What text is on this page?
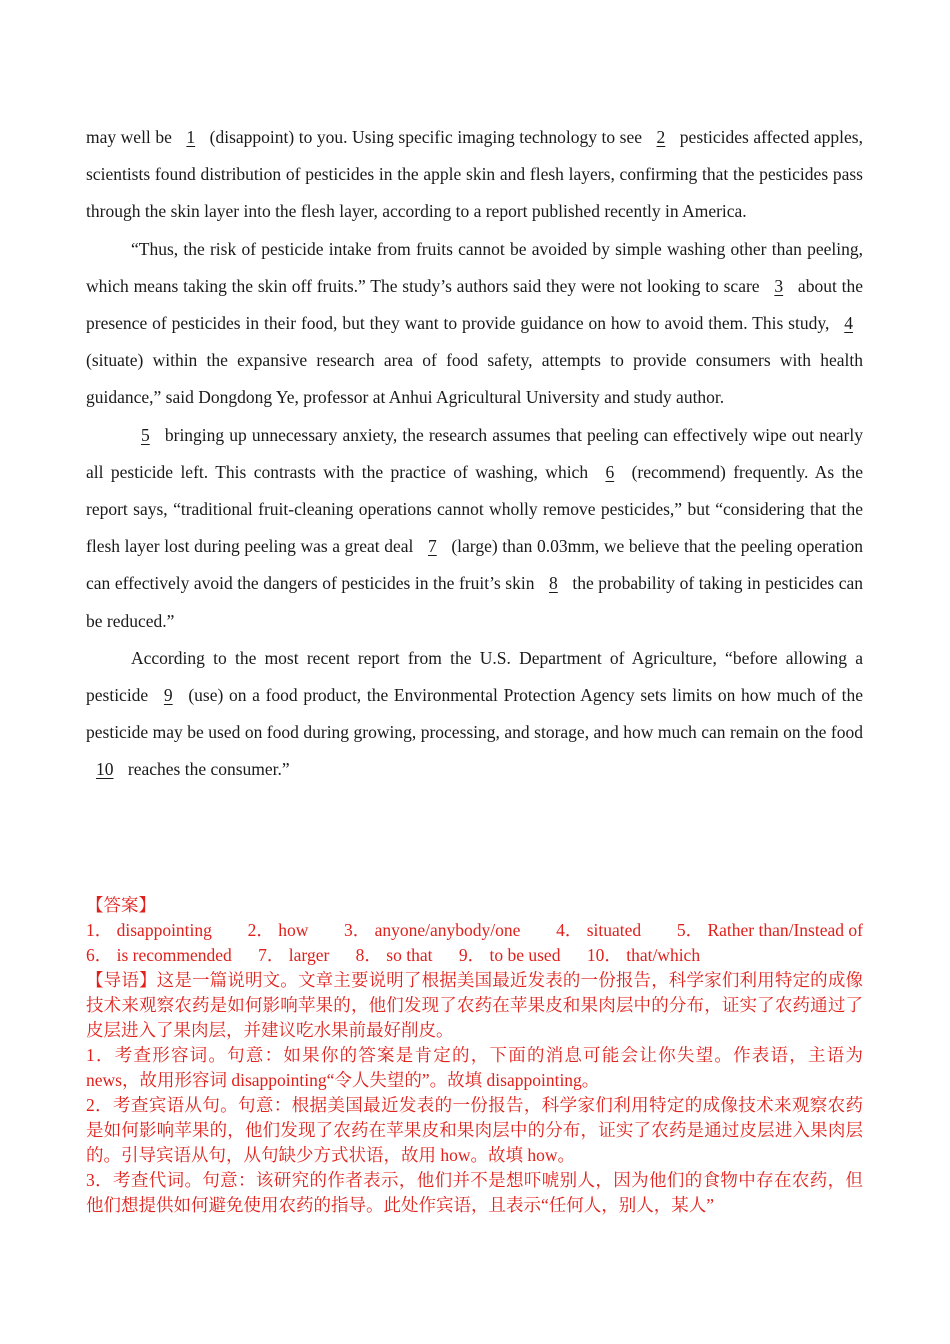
may well be 1 (disappoint) to you. Using specific imaging technology to see 2 pesticides affected apples, scientists found distribution of pesticides in the apple skin and flesh layers, confirming that the pesticides pass through the skin layer into the flesh layer, according to a report published recently in America.

“Thus, the risk of pesticide intake from fruits cannot be avoided by simple washing other than peeling, which means taking the skin off fruits.” The study’s authors said they were not looking to scare 3 about the presence of pesticides in their food, but they want to provide guidance on how to avoid them. This study, 4 (situate) within the expansive research area of food safety, attempts to provide consumers with health guidance,” said Dongdong Ye, professor at Anhui Agricultural University and study author.

5 bringing up unnecessary anxiety, the research assumes that peeling can effectively wipe out nearly all pesticide left. This contrasts with the practice of washing, which 6 (recommend) frequently. As the report says, “traditional fruit-cleaning operations cannot wholly remove pesticides,” but “considering that the flesh layer lost during peeling was a great deal 7 (large) than 0.03mm, we believe that the peeling operation can effectively avoid the dangers of pesticides in the fruit’s skin 8 the probability of taking in pesticides can be reduced.”

According to the most recent report from the U.S. Department of Agriculture, “before allowing a pesticide 9 (use) on a food product, the Environmental Protection Agency sets limits on how much of the pesticide may be used on food during growing, processing, and storage, and how much can remain on the food 10 reaches the consumer.”

【答案】

1． disappointing 2． how 3． anyone/anybody/one 4． situated 5． Rather than/Instead of
6． is recommended 7． larger 8． so that 9． to be used 10． that/which

【导语】这是一篇说明文。文章主要说明了根据美国最近发表的一份报告，科学家们利用特定的成像技术来观察农药是如何影响苹果的，他们发现了农药在苹果皮和果肉层中的分布，证实了农药通过了皮层进入了果肉层，并建议吃水果前最好削皮。

1．考查形容词。句意：如果你的答案是肯定的，下面的消息可能会让你失望。作表语，主语为 news，故用形容词 disappointing“令人失望的”。故填 disappointing。

2．考查宾语从句。句意：根据美国最近发表的一份报告，科学家们利用特定的成像技术来观察农药是如何影响苹果的，他们发现了农药在苹果皮和果肉层中的分布，证实了农药是通过皮层进入果肉层的。引导宾语从句，从句缺少方式状语，故用 how。故填 how。

3．考查代词。句意：该研究的作者表示，他们并不是想吓唬别人，因为他们的食物中存在农药，但他们想提供如何避免使用农药的指导。此处作宾语，且表示“任何人，别人，某人”
